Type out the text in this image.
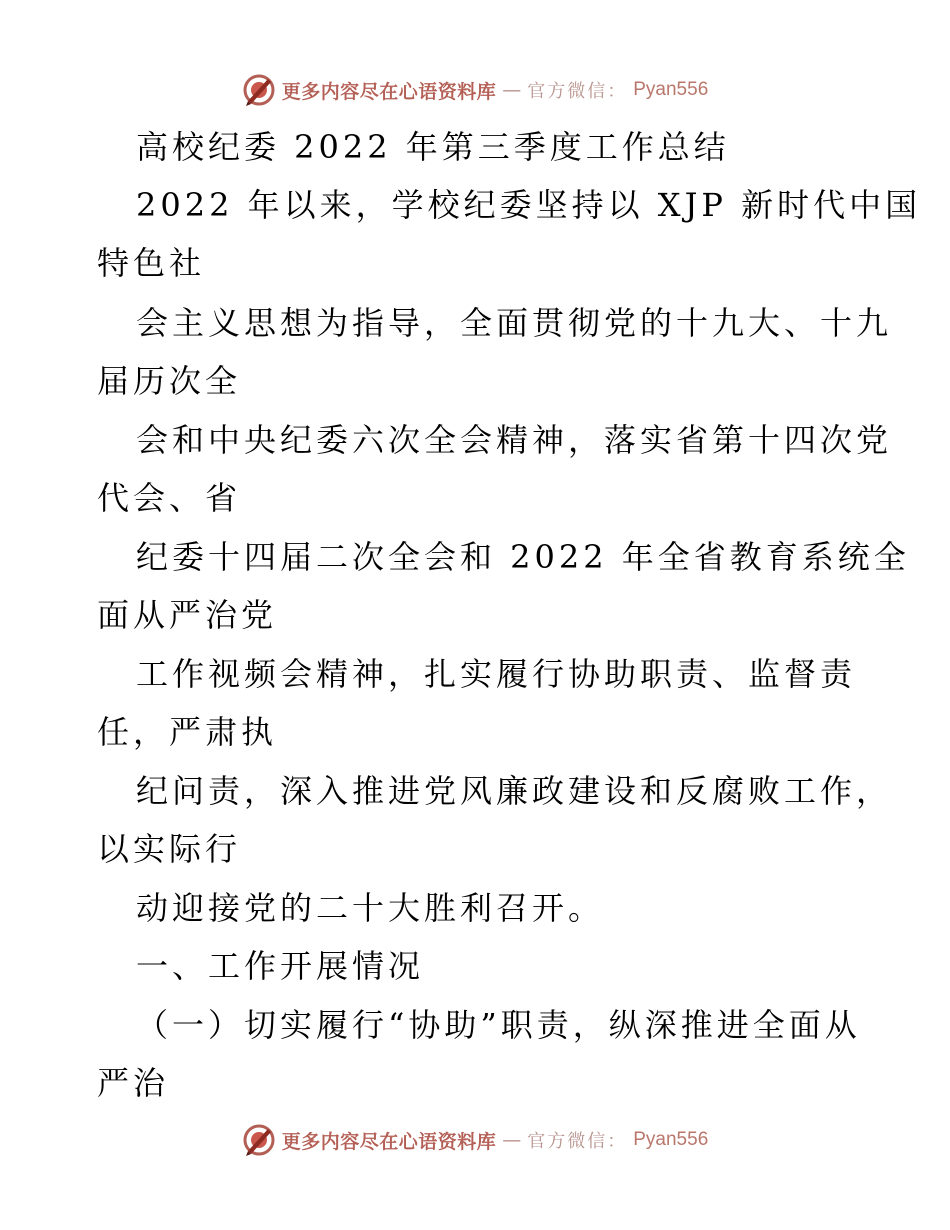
更多内容尽在心语资料库 — 官方微信： Pyan556
高校纪委 2022 年第三季度工作总结
2022 年以来，学校纪委坚持以 XJP 新时代中国
特色社
会主义思想为指导，全面贯彻党的十九大、十九
届历次全
会和中央纪委六次全会精神，落实省第十四次党
代会、省
纪委十四届二次全会和 2022 年全省教育系统全
面从严治党
工作视频会精神，扎实履行协助职责、监督责
任，严肃执
纪问责，深入推进党风廉政建设和反腐败工作，
以实际行
动迎接党的二十大胜利召开。
一、工作开展情况
（一）切实履行“协助”职责，纵深推进全面从
严治
更多内容尽在心语资料库 — 官方微信： Pyan556
